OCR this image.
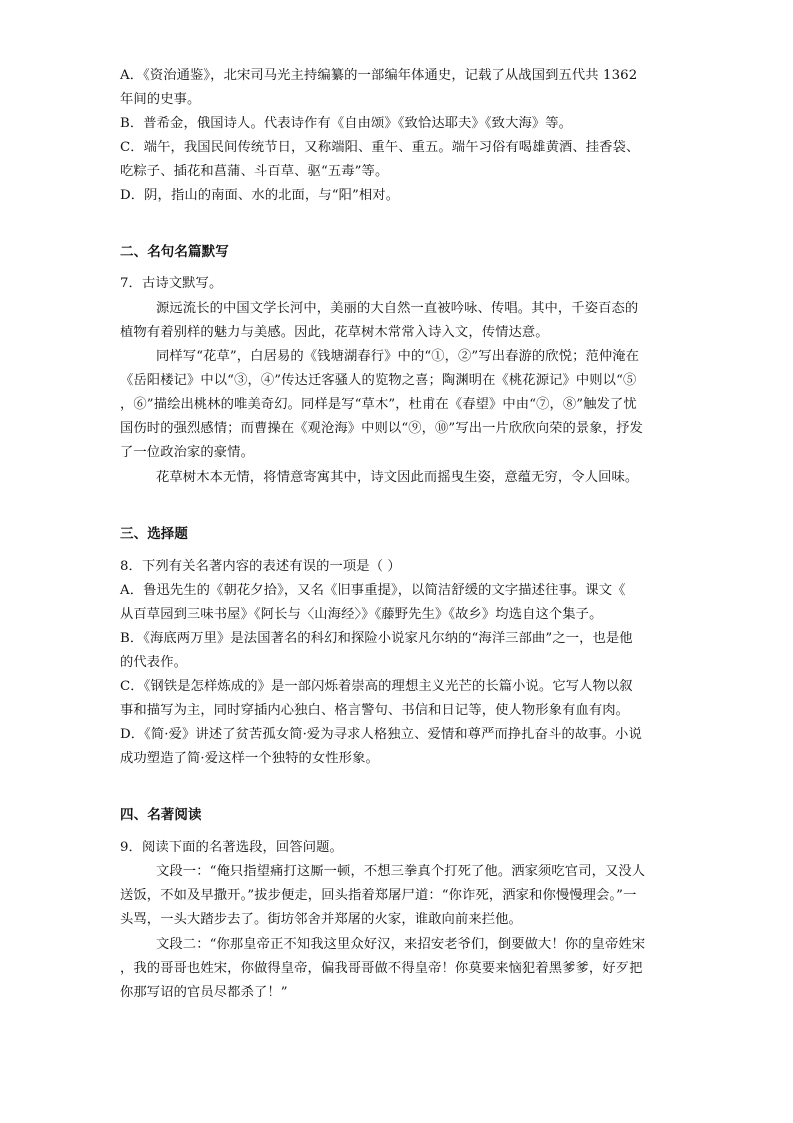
A．《资治通鉴》，北宋司马光主持编纂的一部编年体通史，记载了从战国到五代共 1362
年间的史事。
B．普希金，俄国诗人。代表诗作有《自由颂》《致恰达耶夫》《致大海》等。
C．端午，我国民间传统节日，又称端阳、重午、重五。端午习俗有喝雄黄酒、挂香袋、
吃粽子、插花和菖蒲、斗百草、驱“五毒”等。
D．阴，指山的南面、水的北面，与“阳”相对。
二、名句名篇默写
7．古诗文默写。
源远流长的中国文学长河中，美丽的大自然一直被吟咏、传唱。其中，千姿百态的
植物有着别样的魅力与美感。因此，花草树木常常入诗入文，传情达意。
同样写“花草”，白居易的《钱塘湖春行》中的“①，②”写出春游的欣悦；范仲淹在
《岳阳楼记》中以“③，④”传达迁客骚人的览物之喜；陶渊明在《桃花源记》中则以“⑤
，⑥”描绘出桃林的唯美奇幻。同样是写“草木”，杜甫在《春望》中由“⑦，⑧”触发了忧
国伤时的强烈感情；而曹操在《观沧海》中则以“⑨，⑩”写出一片欣欣向荣的景象，抒发
了一位政治家的豪情。
花草树木本无情，将情意寄寓其中，诗文因此而摇曳生姿，意蕴无穷，令人回味。
三、选择题
8．下列有关名著内容的表述有误的一项是（ ）
A．鲁迅先生的《朝花夕拾》，又名《旧事重提》，以简洁舒缓的文字描述往事。课文《
从百草园到三味书屋》《阿长与〈山海经〉》《藤野先生》《故乡》均选自这个集子。
B．《海底两万里》是法国著名的科幻和探险小说家凡尔纳的“海洋三部曲”之一，也是他
的代表作。
C．《钢铁是怎样炼成的》是一部闪烁着崇高的理想主义光芒的长篇小说。它写人物以叙
事和描写为主，同时穿插内心独白、格言警句、书信和日记等，使人物形象有血有肉。
D．《简·爱》讲述了贫苦孤女简·爱为寻求人格独立、爱情和尊严而挣扎奋斗的故事。小说
成功塑造了简·爱这样一个独特的女性形象。
四、名著阅读
9．阅读下面的名著选段，回答问题。
文段一：“俺只指望痛打这厮一顿，不想三拳真个打死了他。洒家须吃官司，又没人
送饭，不如及早撒开。”拔步便走，回头指着郑屠尸道：“你诈死，洒家和你慢慢理会。”一
头骂，一头大踏步去了。街坊邻舍并郑屠的火家，谁敢向前来拦他。
文段二：“你那皇帝正不知我这里众好汉，来招安老爷们，倒要做大！你的皇帝姓宋
，我的哥哥也姓宋，你做得皇帝，偏我哥哥做不得皇帝！你莫要来恼犯着黑爹爹，好歹把
你那写诏的官员尽都杀了！”
